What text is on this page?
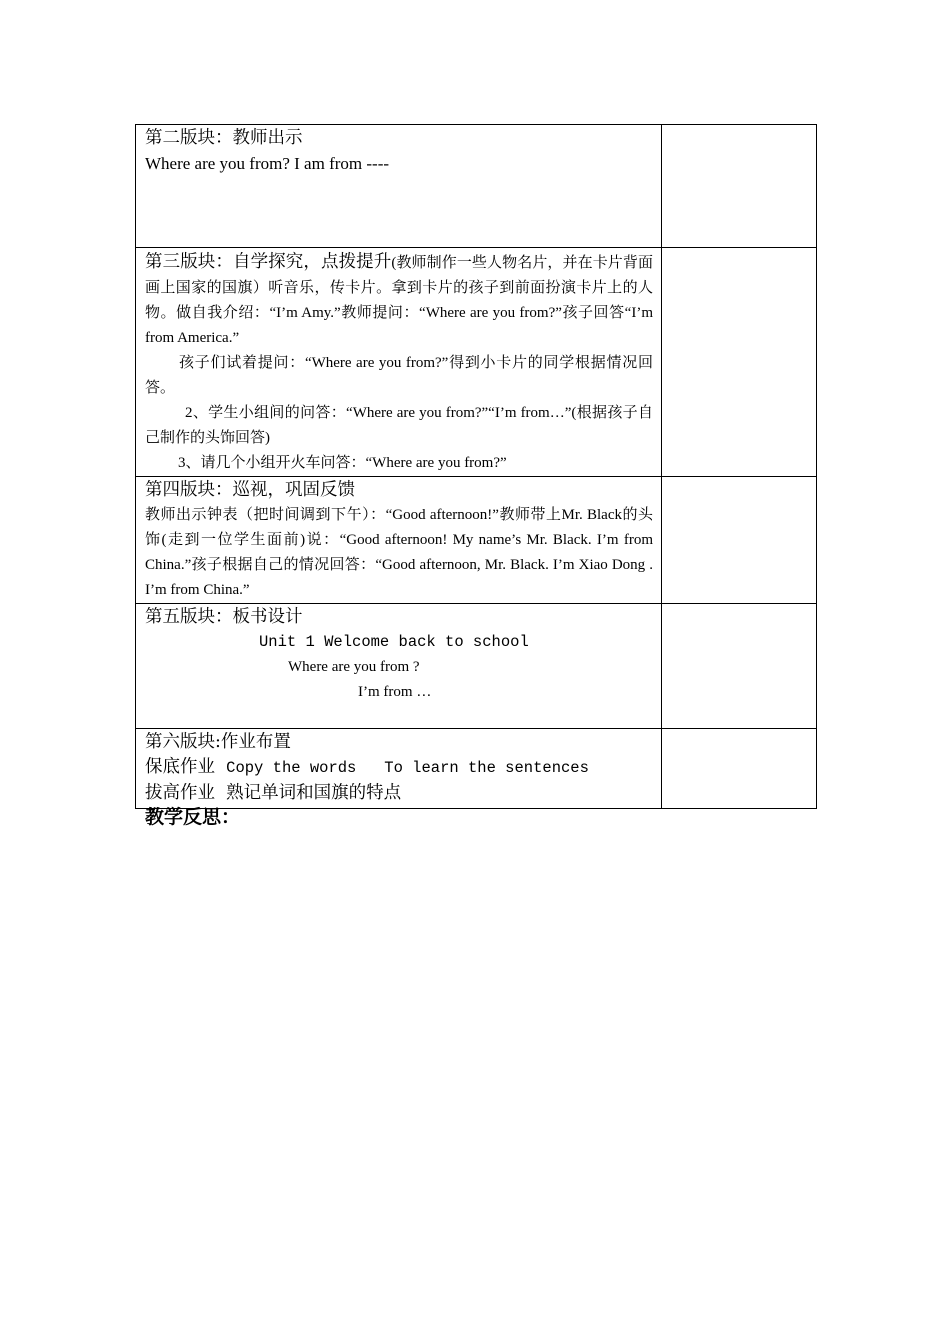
第二版块：教师出示
Where are you from? I am from ----	

第三版块：自学探究，点拨提升(教师制作一些人物名片，并在卡片背面画上国家的国旗）听音乐，传卡片。拿到卡片的孩子到前面扮演卡片上的人物。做自我介绍：“I’m Amy.”教师提问：“Where are you from?”孩子回答“I’m from America.”
孩子们试着提问：“Where are you from?”得到小卡片的同学根据情况回答。
2、学生小组间的问答：“Where are you from?”“I’m from…”(根据孩子自己制作的头饰回答)
3、请几个小组开火车问答：“Where are you from?”	

第四版块：巡视，巩固反馈
教师出示钟表（把时间调到下午）：“Good afternoon!”教师带上Mr. Black的头饰(走到一位学生面前)说：“Good afternoon! My name’s Mr. Black. I’m from China.”孩子根据自己的情况回答：“Good afternoon, Mr. Black. I’m Xiao Dong . I’m from China.”	

第五版块：板书设计
Unit 1 Welcome back to school
Where are you from ?
I’m from …	

第六版块:作业布置
保底作业 Copy the words   To learn the sentences
拔高作业 熟记单词和国旗的特点	

教学反思：
